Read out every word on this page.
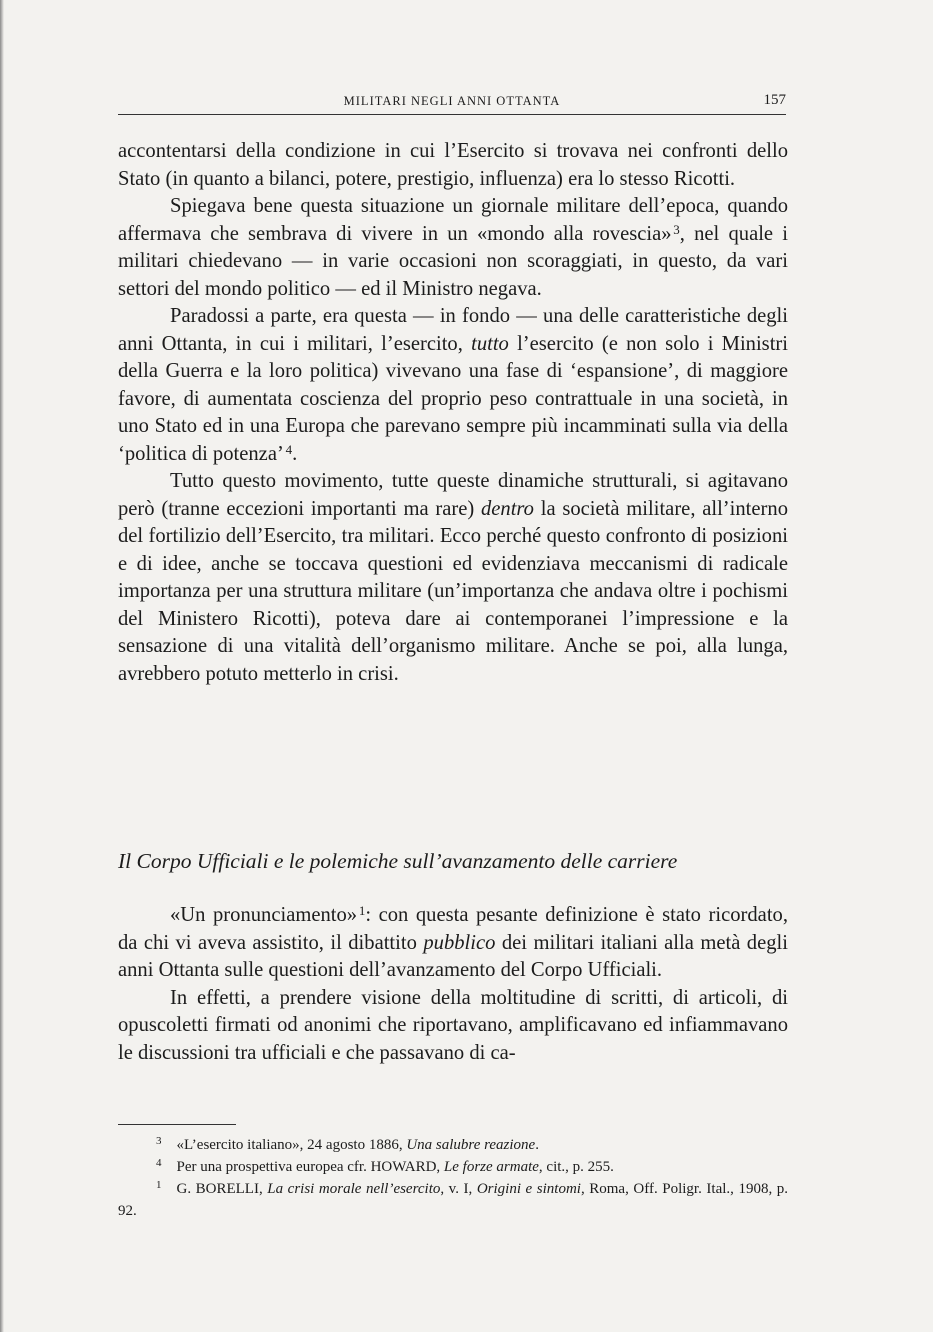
MILITARI NEGLI ANNI OTTANTA	157

accontentarsi della condizione in cui l’Esercito si trovava nei confronti dello Stato (in quanto a bilanci, potere, prestigio, influenza) era lo stesso Ricotti.

Spiegava bene questa situazione un giornale militare dell’epoca, quando affermava che sembrava di vivere in un «mondo alla rovescia»  $^3$, nel quale i militari chiedevano — in varie occasioni non scoraggiati, in questo, da vari settori del mondo politico — ed il Ministro negava.

Paradossi a parte, era questa — in fondo — una delle caratteristiche degli anni Ottanta, in cui i militari, l’esercito, tutto l’esercito (e non solo i Ministri della Guerra e la loro politica) vivevano una fase di ‘espansione’, di maggiore favore, di aumentata coscienza del proprio peso contrattuale in una società, in uno Stato ed in una Europa che parevano sempre più incamminati sulla via della ‘politica di potenza’  $^4$.

Tutto questo movimento, tutte queste dinamiche strutturali, si agitavano però (tranne eccezioni importanti ma rare) dentro la società militare, all’interno del fortilizio dell’Esercito, tra militari. Ecco perché questo confronto di posizioni e di idee, anche se toccava questioni ed evidenziava meccanismi di radicale importanza per una struttura militare (un’importanza che andava oltre i pochismi del Ministero Ricotti), poteva dare ai contemporanei l’impressione e la sensazione di una vitalità dell’organismo militare. Anche se poi, alla lunga, avrebbero potuto metterlo in crisi.

Il Corpo Ufficiali e le polemiche sull’avanzamento delle carriere

«Un pronunciamento»  $^1$: con questa pesante definizione è stato ricordato, da chi vi aveva assistito, il dibattito pubblico dei militari italiani alla metà degli anni Ottanta sulle questioni dell’avanzamento del Corpo Ufficiali.

In effetti, a prendere visione della moltitudine di scritti, di articoli, di opuscoletti firmati od anonimi che riportavano, amplificavano ed infiammavano le discussioni tra ufficiali e che passavano di ca-

$^3$  «L’esercito italiano», 24 agosto 1886, Una salubre reazione.

$^4$  Per una prospettiva europea cfr. HOWARD, Le forze armate, cit., p. 255.

$^1$  G. BORELLI, La crisi morale nell’esercito, v. I, Origini e sintomi, Roma, Off. Poligr. Ital., 1908, p. 92.
